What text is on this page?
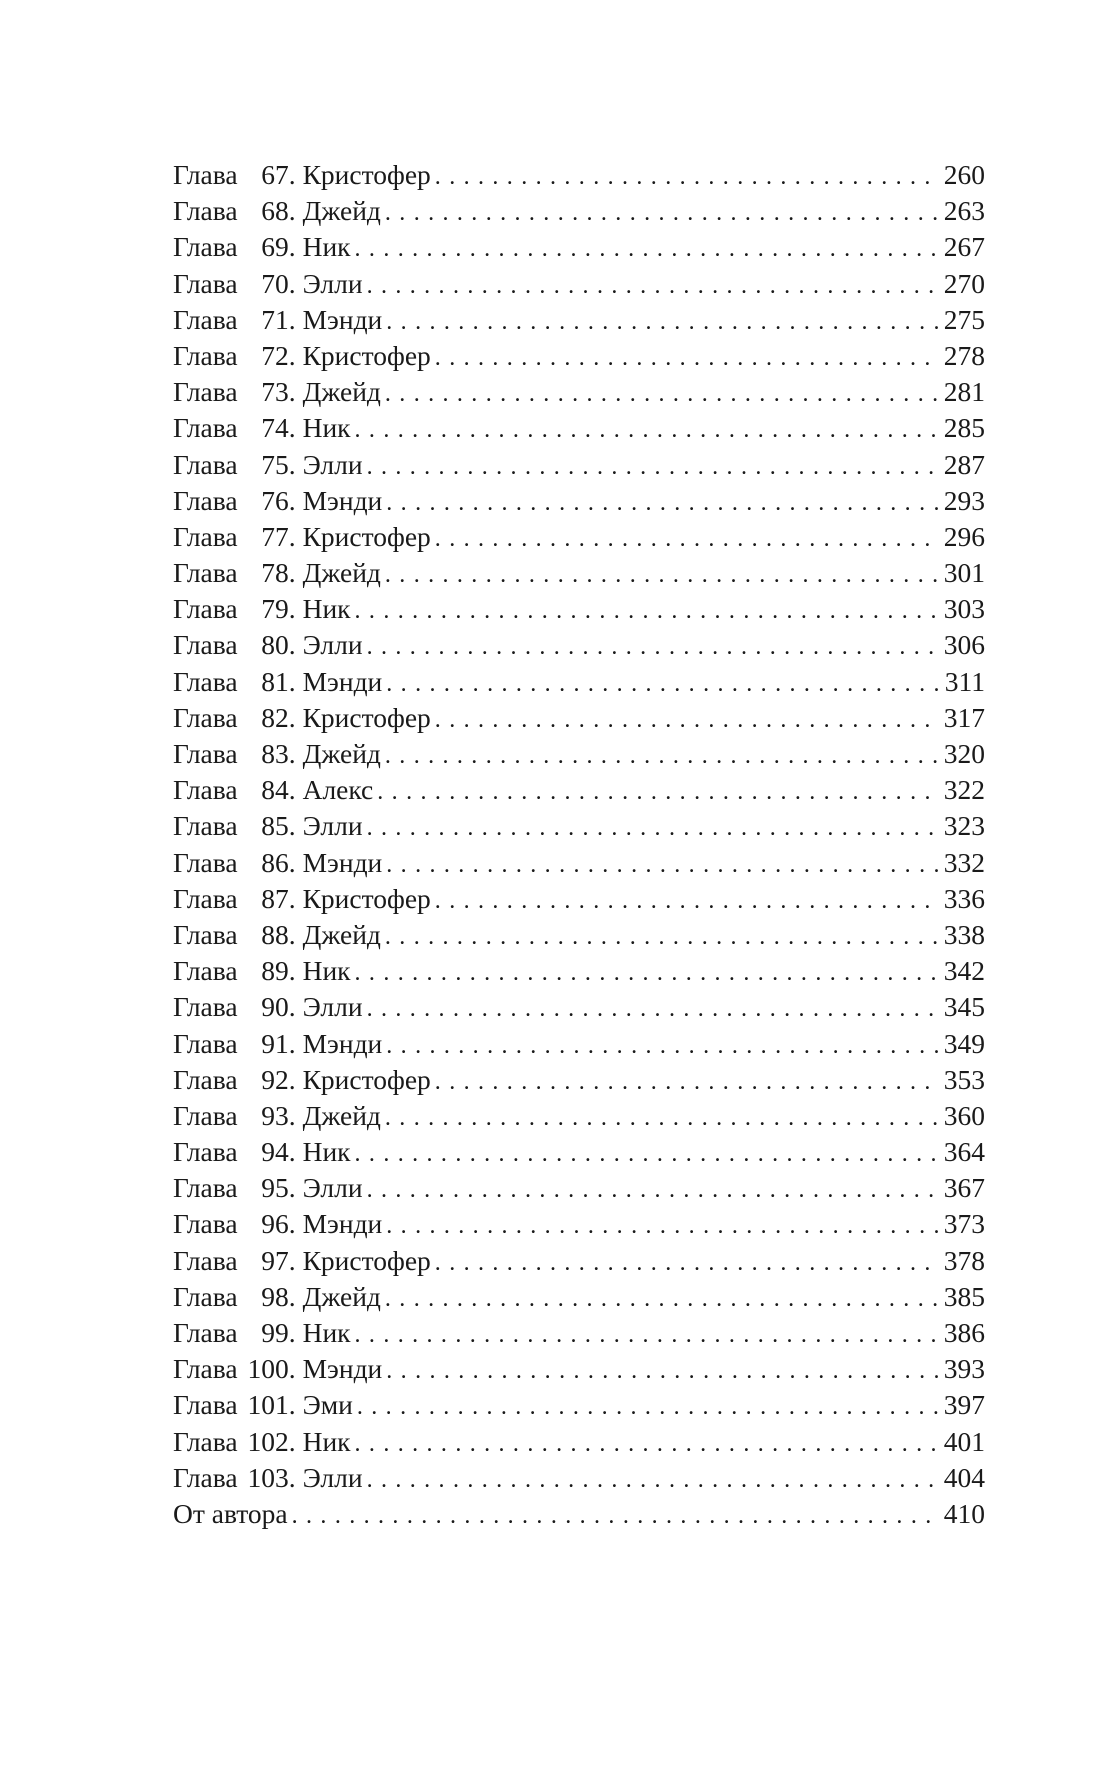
Глава 67. Кристофер . . .	260
Глава 68. Джейд . . .	263
Глава 69. Ник . . .	267
Глава 70. Элли . . .	270
Глава 71. Мэнди . . .	275
Глава 72. Кристофер . . .	278
Глава 73. Джейд . . .	281
Глава 74. Ник . . .	285
Глава 75. Элли . . .	287
Глава 76. Мэнди . . .	293
Глава 77. Кристофер . . .	296
Глава 78. Джейд . . .	301
Глава 79. Ник . . .	303
Глава 80. Элли . . .	306
Глава 81. Мэнди . . .	311
Глава 82. Кристофер . . .	317
Глава 83. Джейд . . .	320
Глава 84. Алекс . . .	322
Глава 85. Элли . . .	323
Глава 86. Мэнди . . .	332
Глава 87. Кристофер . . .	336
Глава 88. Джейд . . .	338
Глава 89. Ник . . .	342
Глава 90. Элли . . .	345
Глава 91. Мэнди . . .	349
Глава 92. Кристофер . . .	353
Глава 93. Джейд . . .	360
Глава 94. Ник . . .	364
Глава 95. Элли . . .	367
Глава 96. Мэнди . . .	373
Глава 97. Кристофер . . .	378
Глава 98. Джейд . . .	385
Глава 99. Ник . . .	386
Глава 100. Мэнди . . .	393
Глава 101. Эми . . .	397
Глава 102. Ник . . .	401
Глава 103. Элли . . .	404
От автора . . .	410
